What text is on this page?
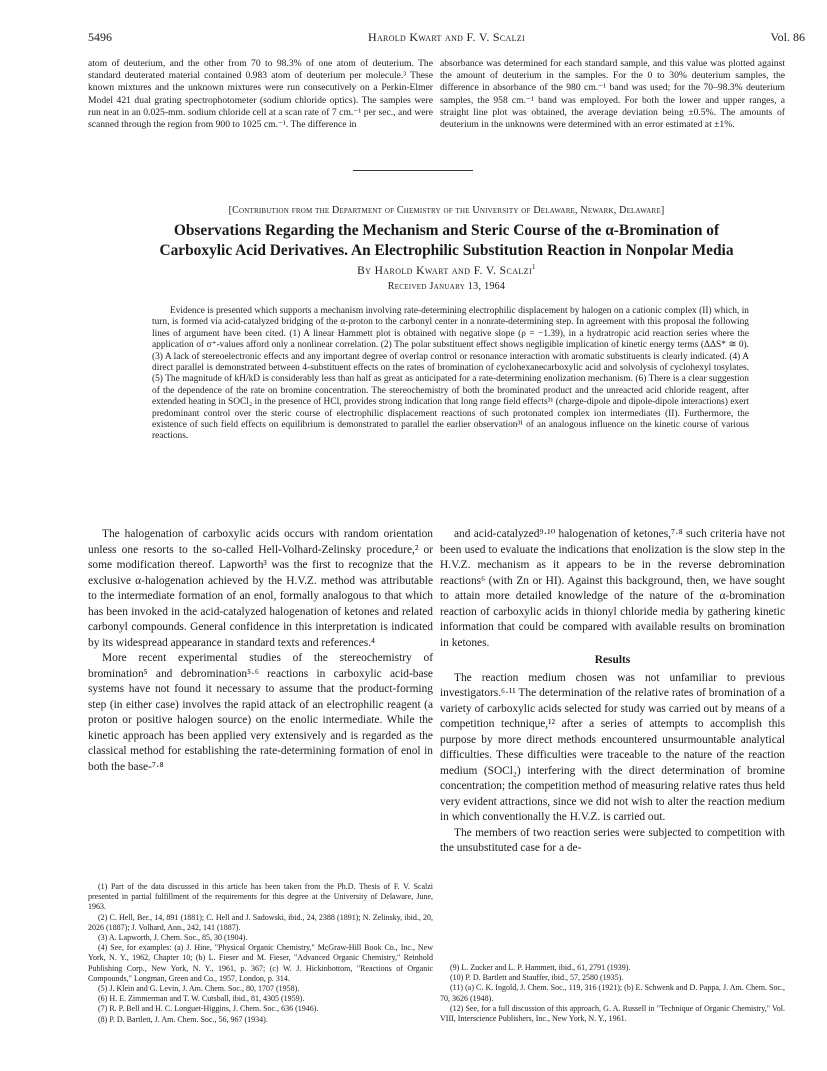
5496	Harold Kwart and F. V. Scalzi	Vol. 86
atom of deuterium, and the other from 70 to 98.3% of one atom of deuterium. The standard deuterated material contained 0.983 atom of deuterium per molecule.³ These known mixtures and the unknown mixtures were run consecutively on a Perkin-Elmer Model 421 dual grating spectrophotometer (sodium chloride optics). The samples were run neat in an 0.025-mm. sodium chloride cell at a scan rate of 7 cm.⁻¹ per sec., and were scanned through the region from 900 to 1025 cm.⁻¹. The difference in
absorbance was determined for each standard sample, and this value was plotted against the amount of deuterium in the samples. For the 0 to 30% deuterium samples, the difference in absorbance of the 980 cm.⁻¹ band was used; for the 70–98.3% deuterium samples, the 958 cm.⁻¹ band was employed. For both the lower and upper ranges, a straight line plot was obtained, the average deviation being ±0.5%. The amounts of deuterium in the unknowns were determined with an error estimated at ±1%.
[Contribution from the Department of Chemistry of the University of Delaware, Newark, Delaware]
Observations Regarding the Mechanism and Steric Course of the α-Bromination of
Carboxylic Acid Derivatives. An Electrophilic Substitution Reaction in Nonpolar Media
By Harold Kwart and F. V. Scalzi$^1$
Received January 13, 1964
Evidence is presented which supports a mechanism involving rate-determining electrophilic displacement by halogen on a cationic complex (II) which, in turn, is formed via acid-catalyzed bridging of the α-proton to the carbonyl center in a nonrate-determining step. In agreement with this proposal the following lines of argument have been cited. (1) A linear Hammett plot is obtained with negative slope (ρ = −1.39), in a hydratropic acid reaction series where the application of σ⁺-values afford only a nonlinear correlation. (2) The polar substituent effect shows negligible implication of kinetic energy terms (ΔΔS* ≅ 0). (3) A lack of stereoelectronic effects and any important degree of overlap control or resonance interaction with aromatic substituents is clearly indicated. (4) A direct parallel is demonstrated between 4-substituent effects on the rates of bromination of cyclohexanecarboxylic acid and solvolysis of cyclohexyl tosylates. (5) The magnitude of kH/kD is considerably less than half as great as anticipated for a rate-determining enolization mechanism. (6) There is a clear suggestion of the dependence of the rate on bromine concentration. The stereochemistry of both the brominated product and the unreacted acid chloride reagent, after extended heating in SOCl₂ in the presence of HCl, provides strong indication that long range field effects³¹ (charge-dipole and dipole-dipole interactions) exert predominant control over the steric course of electrophilic displacement reactions of such protonated complex ion intermediates (II). Furthermore, the existence of such field effects on equilibrium is demonstrated to parallel the earlier observation³¹ of an analogous influence on the kinetic course of various reactions.

The halogenation of carboxylic acids occurs with random orientation unless one resorts to the so-called Hell-Volhard-Zelinsky procedure,² or some modification thereof. Lapworth³ was the first to recognize that the exclusive α-halogenation achieved by the H.V.Z. method was attributable to the intermediate formation of an enol, formally analogous to that which has been invoked in the acid-catalyzed halogenation of ketones and related carbonyl compounds. General confidence in this interpretation is indicated by its widespread appearance in standard texts and references.⁴

More recent experimental studies of the stereochemistry of bromination⁵ and debromination⁵·⁶ reactions in carboxylic acid-base systems have not found it necessary to assume that the product-forming step (in either case) involves the rapid attack of an electrophilic reagent (a proton or positive halogen source) on the enolic intermediate. While the kinetic approach has been applied very extensively and is regarded as the classical method for establishing the rate-determining formation of enol in both the base-⁷·⁸

and acid-catalyzed⁹·¹⁰ halogenation of ketones,⁷·⁸ such criteria have not been used to evaluate the indications that enolization is the slow step in the H.V.Z. mechanism as it appears to be in the reverse debromination reactions⁶ (with Zn or HI). Against this background, then, we have sought to attain more detailed knowledge of the nature of the α-bromination reaction of carboxylic acids in thionyl chloride media by gathering kinetic information that could be compared with available results on bromination in ketones.

Results

The reaction medium chosen was not unfamiliar to previous investigators.⁶·¹¹ The determination of the relative rates of bromination of a variety of carboxylic acids selected for study was carried out by means of a competition technique,¹² after a series of attempts to accomplish this purpose by more direct methods encountered unsurmountable analytical difficulties. These difficulties were traceable to the nature of the reaction medium (SOCl₂) interfering with the direct determination of bromine concentration; the competition method of measuring relative rates thus held very evident attractions, since we did not wish to alter the reaction medium in which conventionally the H.V.Z. is carried out.

The members of two reaction series were subjected to competition with the unsubstituted case for a de-

(1) Part of the data discussed in this article has been taken from the Ph.D. Thesis of F. V. Scalzi presented in partial fulfillment of the requirements for this degree at the University of Delaware, June, 1963.

(2) C. Hell, Ber., 14, 891 (1881); C. Hell and J. Sadowski, ibid., 24, 2388 (1891); N. Zelinsky, ibid., 20, 2026 (1887); J. Volhard, Ann., 242, 141 (1887).

(3) A. Lapworth, J. Chem. Soc., 85, 30 (1904).

(4) See, for examples: (a) J. Hine, "Physical Organic Chemistry," McGraw-Hill Book Co., Inc., New York, N. Y., 1962, Chapter 10; (b) L. Fieser and M. Fieser, "Advanced Organic Chemistry," Reinhold Publishing Corp., New York, N. Y., 1961, p. 367; (c) W. J. Hickinbottom, "Reactions of Organic Compounds," Longman, Green and Co., 1957, London, p. 314.

(5) J. Klein and G. Levin, J. Am. Chem. Soc., 80, 1707 (1958).

(6) H. E. Zimmerman and T. W. Cutsball, ibid., 81, 4305 (1959).

(7) R. P. Bell and H. C. Longuet-Higgins, J. Chem. Soc., 636 (1946).

(8) P. D. Bartlett, J. Am. Chem. Soc., 56, 967 (1934).

(9) L. Zucker and L. P. Hammett, ibid., 61, 2791 (1939).

(10) P. D. Bartlett and Stauffer, ibid., 57, 2580 (1935).

(11) (a) C. K. Ingold, J. Chem. Soc., 119, 316 (1921); (b) E. Schwenk and D. Pappa, J. Am. Chem. Soc., 70, 3626 (1948).

(12) See, for a full discussion of this approach, G. A. Russell in "Technique of Organic Chemistry," Vol. VIII, Interscience Publishers, Inc., New York, N. Y., 1961.
